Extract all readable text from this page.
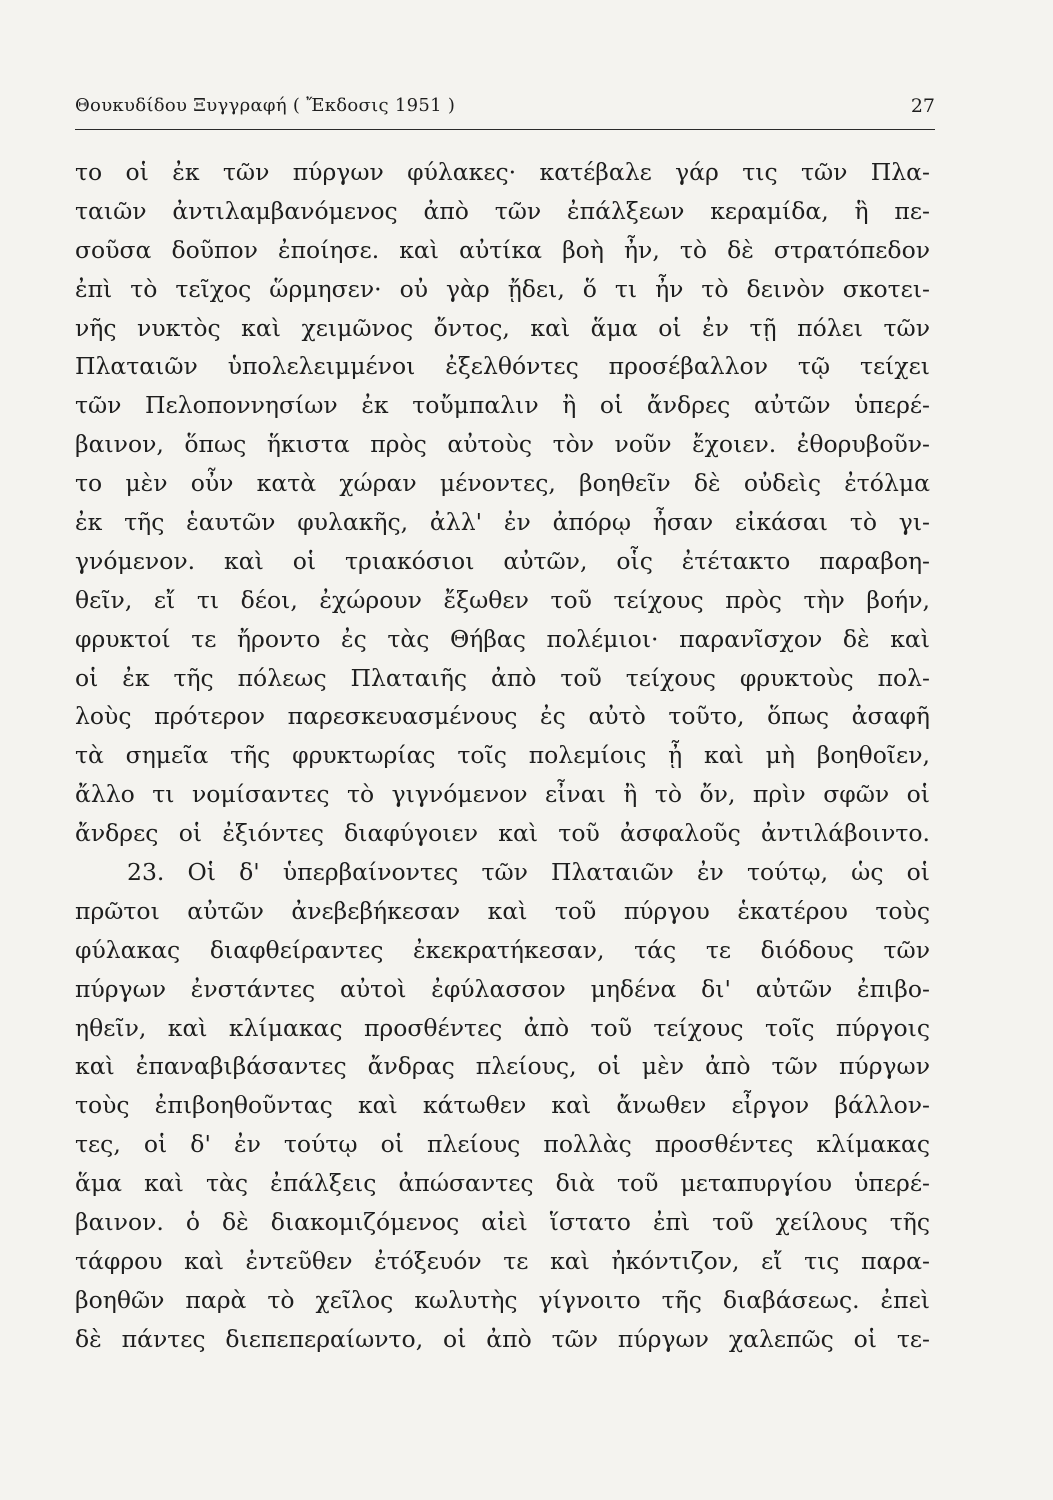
Θουκυδίδου Ξυγγραφή ( Ἔκδοσις 1951 )	27
το οἱ ἐκ τῶν πύργων φύλακες· κατέβαλε γάρ τις τῶν Πλα-
ταιῶν ἀντιλαμβανόμενος ἀπὸ τῶν ἐπάλξεων κεραμίδα, ἣ πε-
σοῦσα δοῦπον ἐποίησε. καὶ αὐτίκα βοὴ ἦν, τὸ δὲ στρατόπεδον
ἐπὶ τὸ τεῖχος ὥρμησεν· οὐ γὰρ ᾔδει, ὅ τι ἦν τὸ δεινὸν σκοτει-
νῆς νυκτὸς καὶ χειμῶνος ὄντος, καὶ ἅμα οἱ ἐν τῇ πόλει τῶν
Πλαταιῶν ὑπολελειμμένοι ἐξελθόντες προσέβαλλον τῷ τείχει
τῶν Πελοποννησίων ἐκ τοὔμπαλιν ἢ οἱ ἄνδρες αὐτῶν ὑπερέ-
βαινον, ὅπως ἥκιστα πρὸς αὐτοὺς τὸν νοῦν ἔχοιεν. ἐθορυβοῦν-
το μὲν οὖν κατὰ χώραν μένοντες, βοηθεῖν δὲ οὐδεὶς ἐτόλμα
ἐκ τῆς ἑαυτῶν φυλακῆς, ἀλλ' ἐν ἀπόρῳ ἦσαν εἰκάσαι τὸ γι-
γνόμενον. καὶ οἱ τριακόσιοι αὐτῶν, οἷς ἐτέτακτο παραβοη-
θεῖν, εἴ τι δέοι, ἐχώρουν ἔξωθεν τοῦ τείχους πρὸς τὴν βοήν,
φρυκτοί τε ἤροντο ἐς τὰς Θήβας πολέμιοι· παρανῖσχον δὲ καὶ
οἱ ἐκ τῆς πόλεως Πλαταιῆς ἀπὸ τοῦ τείχους φρυκτοὺς πολ-
λοὺς πρότερον παρεσκευασμένους ἐς αὐτὸ τοῦτο, ὅπως ἀσαφῆ
τὰ σημεῖα τῆς φρυκτωρίας τοῖς πολεμίοις ᾖ καὶ μὴ βοηθοῖεν,
ἄλλο τι νομίσαντες τὸ γιγνόμενον εἶναι ἢ τὸ ὄν, πρὶν σφῶν οἱ
ἄνδρες οἱ ἐξιόντες διαφύγοιεν καὶ τοῦ ἀσφαλοῦς ἀντιλάβοιντο.
23. Οἱ δ' ὑπερβαίνοντες τῶν Πλαταιῶν ἐν τούτῳ, ὡς οἱ
πρῶτοι αὐτῶν ἀνεβεβήκεσαν καὶ τοῦ πύργου ἑκατέρου τοὺς
φύλακας διαφθείραντες ἐκεκρατήκεσαν, τάς τε διόδους τῶν
πύργων ἐνστάντες αὐτοὶ ἐφύλασσον μηδένα δι' αὐτῶν ἐπιβο-
ηθεῖν, καὶ κλίμακας προσθέντες ἀπὸ τοῦ τείχους τοῖς πύργοις
καὶ ἐπαναβιβάσαντες ἄνδρας πλείους, οἱ μὲν ἀπὸ τῶν πύργων
τοὺς ἐπιβοηθοῦντας καὶ κάτωθεν καὶ ἄνωθεν εἶργον βάλλον-
τες, οἱ δ' ἐν τούτῳ οἱ πλείους πολλὰς προσθέντες κλίμακας
ἅμα καὶ τὰς ἐπάλξεις ἀπώσαντες διὰ τοῦ μεταπυργίου ὑπερέ-
βαινον. ὁ δὲ διακομιζόμενος αἰεὶ ἵστατο ἐπὶ τοῦ χείλους τῆς
τάφρου καὶ ἐντεῦθεν ἐτόξευόν τε καὶ ἠκόντιζον, εἴ τις παρα-
βοηθῶν παρὰ τὸ χεῖλος κωλυτὴς γίγνοιτο τῆς διαβάσεως. ἐπεὶ
δὲ πάντες διεπεπεραίωντο, οἱ ἀπὸ τῶν πύργων χαλεπῶς οἱ τε-
